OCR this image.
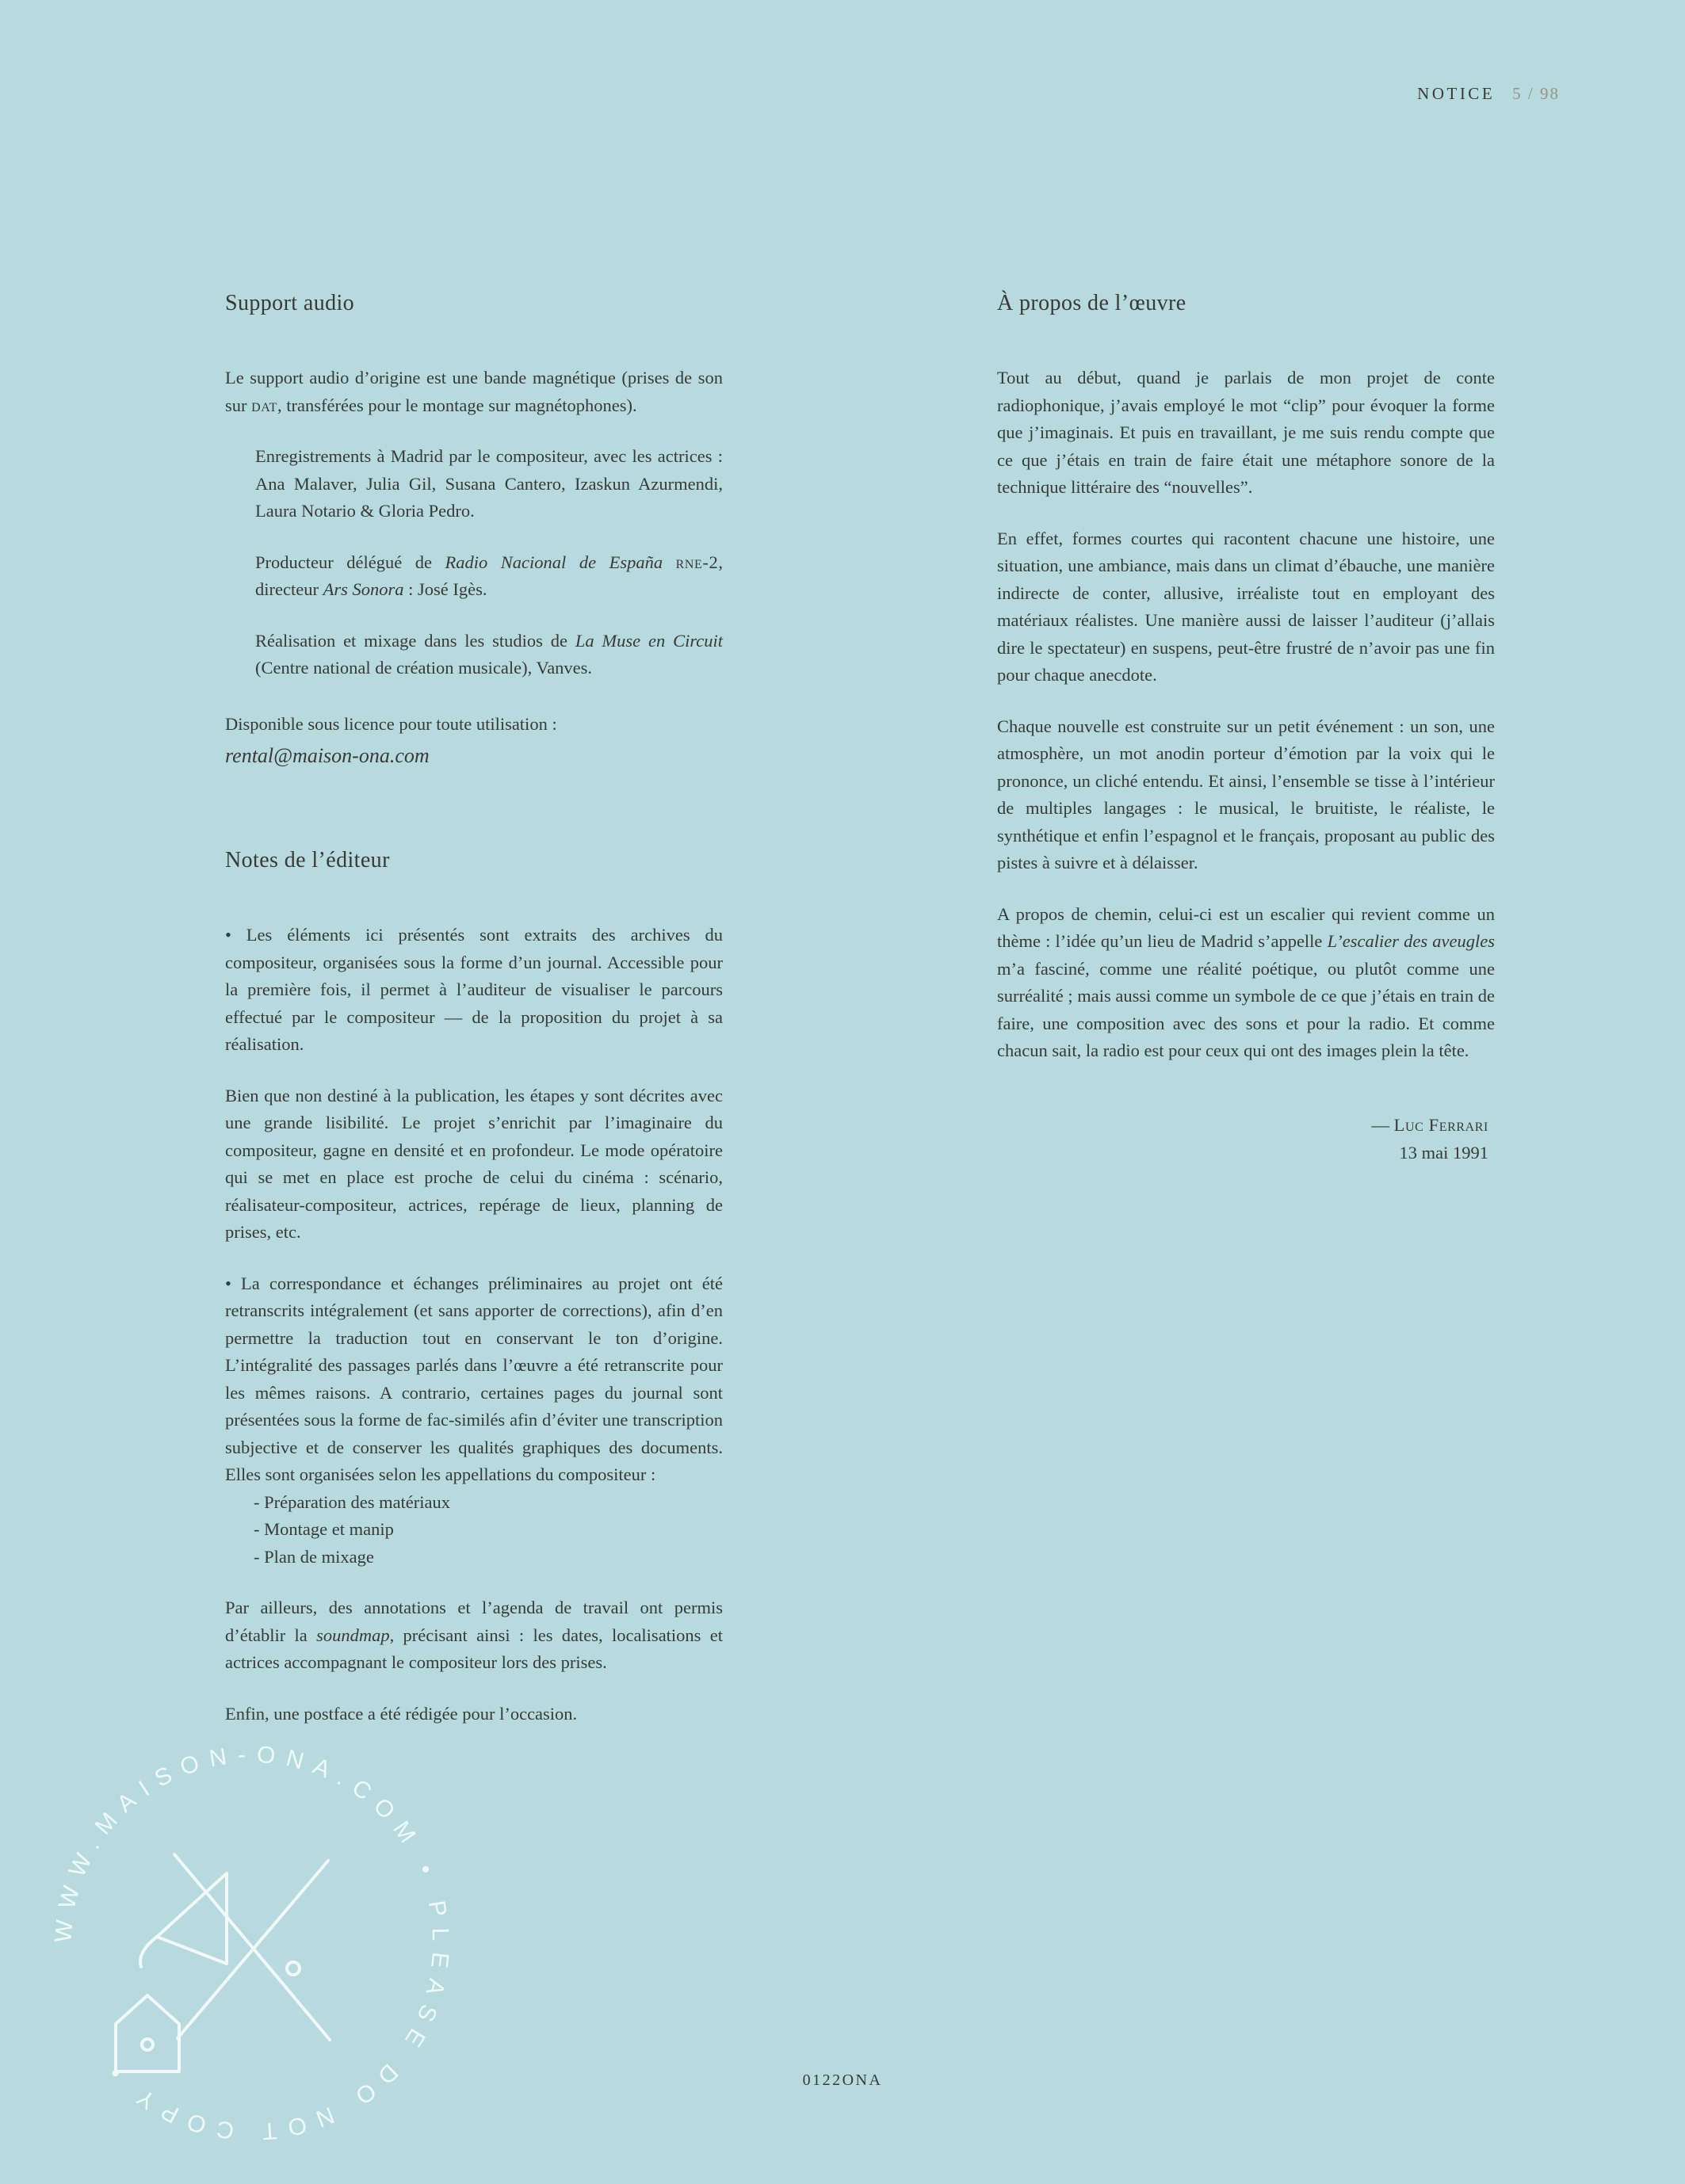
NOTICE 5 / 98
Support audio

Le support audio d’origine est une bande magnétique (prises de son sur dat, transférées pour le montage sur magnétophones).

Enregistrements à Madrid par le compositeur, avec les actrices : Ana Malaver, Julia Gil, Susana Cantero, Izaskun Azurmendi, Laura Notario & Gloria Pedro.

Producteur délégué de Radio Nacional de España rne-2, directeur Ars Sonora : José Igès.

Réalisation et mixage dans les studios de La Muse en Circuit (Centre national de création musicale), Vanves.

Disponible sous licence pour toute utilisation :

rental@maison-ona.com

Notes de l’éditeur

• Les éléments ici présentés sont extraits des archives du compositeur, organisées sous la forme d’un journal. Accessible pour la première fois, il permet à l’auditeur de visualiser le parcours effectué par le compositeur — de la proposition du projet à sa réalisation.

Bien que non destiné à la publication, les étapes y sont décrites avec une grande lisibilité. Le projet s’enrichit par l’imaginaire du compositeur, gagne en densité et en profondeur. Le mode opératoire qui se met en place est proche de celui du cinéma : scénario, réalisateur-compositeur, actrices, repérage de lieux, planning de prises, etc.

• La correspondance et échanges préliminaires au projet ont été retranscrits intégralement (et sans apporter de corrections), afin d’en permettre la traduction tout en conservant le ton d’origine. L’intégralité des passages parlés dans l’œuvre a été retranscrite pour les mêmes raisons. A contrario, certaines pages du journal sont présentées sous la forme de fac-similés afin d’éviter une transcription subjective et de conserver les qualités graphiques des documents. Elles sont organisées selon les appellations du compositeur :

- Préparation des matériaux
- Montage et manip
- Plan de mixage

Par ailleurs, des annotations et l’agenda de travail ont permis d’établir la soundmap, précisant ainsi : les dates, localisations et actrices accompagnant le compositeur lors des prises.

Enfin, une postface a été rédigée pour l’occasion.

À propos de l’œuvre

Tout au début, quand je parlais de mon projet de conte radiophonique, j’avais employé le mot “clip” pour évoquer la forme que j’imaginais. Et puis en travaillant, je me suis rendu compte que ce que j’étais en train de faire était une métaphore sonore de la technique littéraire des “nouvelles”.

En effet, formes courtes qui racontent chacune une histoire, une situation, une ambiance, mais dans un climat d’ébauche, une manière indirecte de conter, allusive, irréaliste tout en employant des matériaux réalistes. Une manière aussi de laisser l’auditeur (j’allais dire le spectateur) en suspens, peut-être frustré de n’avoir pas une fin pour chaque anecdote.

Chaque nouvelle est construite sur un petit événement : un son, une atmosphère, un mot anodin porteur d’émotion par la voix qui le prononce, un cliché entendu. Et ainsi, l’ensemble se tisse à l’intérieur de multiples langages : le musical, le bruitiste, le réaliste, le synthétique et enfin l’espagnol et le français, proposant au public des pistes à suivre et à délaisser.

A propos de chemin, celui-ci est un escalier qui revient comme un thème : l’idée qu’un lieu de Madrid s’appelle L’escalier des aveugles m’a fasciné, comme une réalité poétique, ou plutôt comme une surréalité ; mais aussi comme un symbole de ce que j’étais en train de faire, une composition avec des sons et pour la radio. Et comme chacun sait, la radio est pour ceux qui ont des images plein la tête.

— Luc Ferrari
13 mai 1991
0122ONA
WWW.MAISON-ONA.COM • PLEASE DO NOT COPY •
